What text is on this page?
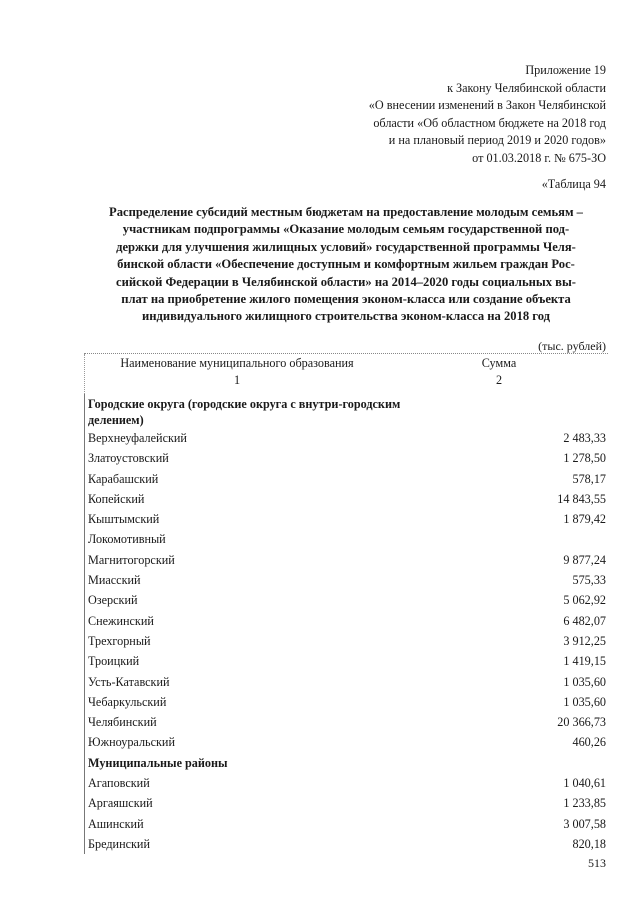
Приложение 19
к Закону Челябинской области
«О внесении изменений в Закон Челябинской
области «Об областном бюджете на 2018 год
и на плановый период 2019 и 2020 годов»
от 01.03.2018 г. № 675-ЗО
«Таблица 94
Распределение субсидий местным бюджетам на предоставление молодым семьям –
участникам подпрограммы «Оказание молодым семьям государственной под-
держки для улучшения жилищных условий» государственной программы Челя-
бинской области «Обеспечение доступным и комфортным жильем граждан Рос-
сийской Федерации в Челябинской области» на 2014–2020 годы социальных вы-
плат на приобретение жилого помещения эконом-класса или создание объекта
индивидуального жилищного строительства эконом-класса на 2018 год
(тыс. рублей)
Наименование муниципального образования	Сумма
1	2
Городские округа (городские округа с внутри-городским делением)
Верхнеуфалейский	2 483,33
Златоустовский	1 278,50
Карабашский	578,17
Копейский	14 843,55
Кыштымский	1 879,42
Локомотивный
Магнитогорский	9 877,24
Миасский	575,33
Озерский	5 062,92
Снежинский	6 482,07
Трехгорный	3 912,25
Троицкий	1 419,15
Усть-Катавский	1 035,60
Чебаркульский	1 035,60
Челябинский	20 366,73
Южноуральский	460,26
Муниципальные районы
Агаповский	1 040,61
Аргаяшский	1 233,85
Ашинский	3 007,58
Брединский	820,18
513
